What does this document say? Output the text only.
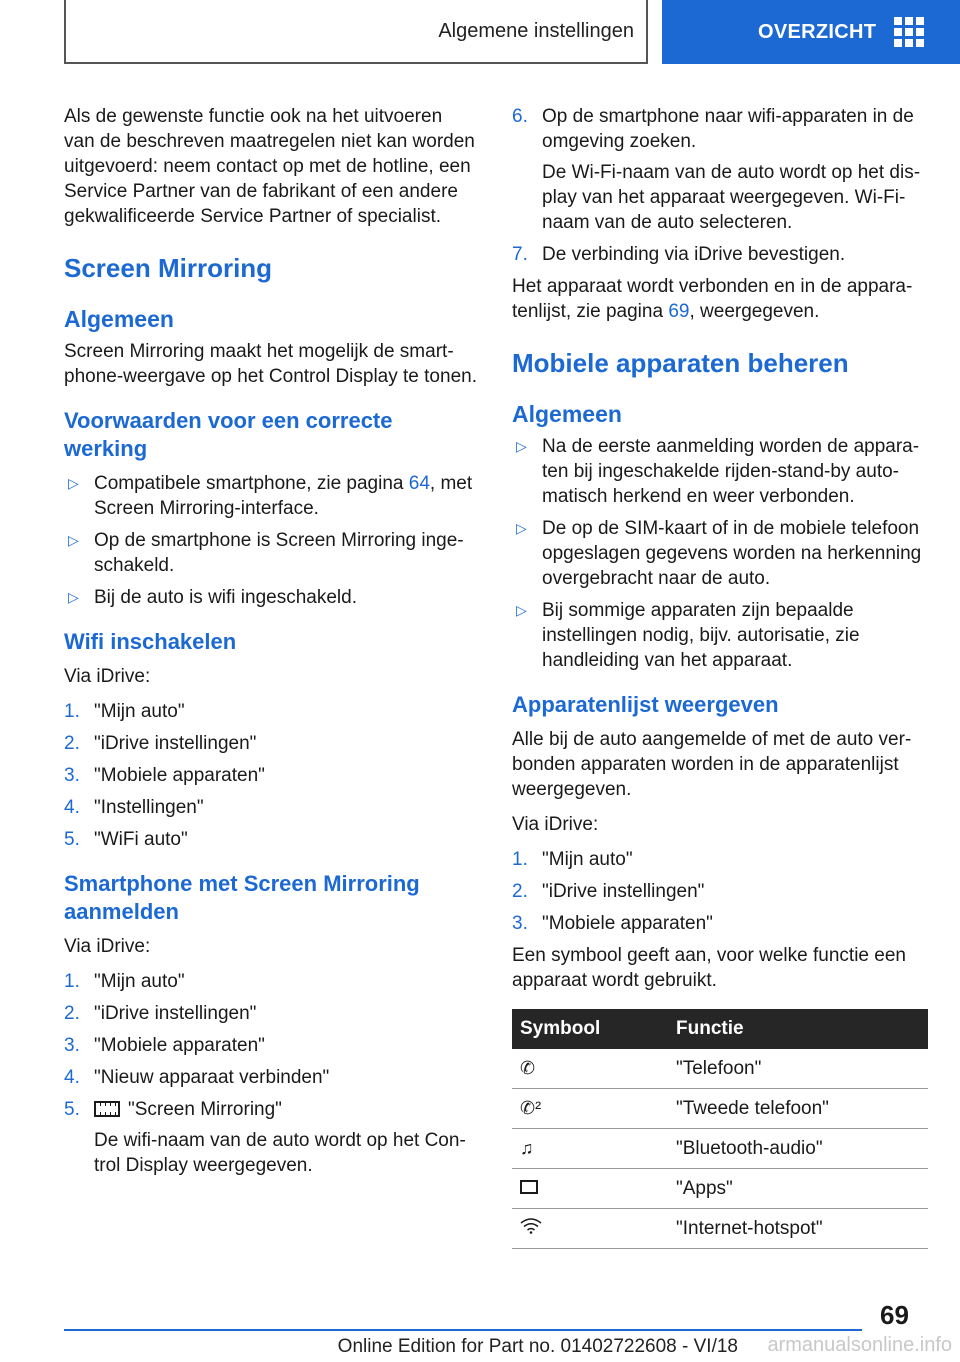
Algemene instellingen	OVERZICHT

Als de gewenste functie ook na het uitvoeren van de beschreven maatregelen niet kan worden uitgevoerd: neem contact op met de hotline, een Service Partner van de fabrikant of een andere gekwalificeerde Service Partner of specialist.

Screen Mirroring
Algemeen

Screen Mirroring maakt het mogelijk de smartphone-weergave op het Control Display te tonen.

Voorwaarden voor een correcte werking
▷ Compatibele smartphone, zie pagina 64, met Screen Mirroring-interface.
▷ Op de smartphone is Screen Mirroring ingeschakeld.
▷ Bij de auto is wifi ingeschakeld.
Wifi inschakelen

Via iDrive:

1. "Mijn auto"
2. "iDrive instellingen"
3. "Mobiele apparaten"
4. "Instellingen"
5. "WiFi auto"
Smartphone met Screen Mirroring aanmelden

Via iDrive:

1. "Mijn auto"
2. "iDrive instellingen"
3. "Mobiele apparaten"
4. "Nieuw apparaat verbinden"
5.	"Screen Mirroring"
De wifi-naam van de auto wordt op het Control Display weergegeven.
6. Op de smartphone naar wifi-apparaten in de omgeving zoeken.
De Wi-Fi-naam van de auto wordt op het display van het apparaat weergegeven. Wi-Fi-naam van de auto selecteren.
7. De verbinding via iDrive bevestigen.

Het apparaat wordt verbonden en in de apparatenlijst, zie pagina 69, weergegeven.

Mobiele apparaten beheren
Algemeen
▷ Na de eerste aanmelding worden de apparaten bij ingeschakelde rijden-stand-by automatisch herkend en weer verbonden.
▷ De op de SIM-kaart of in de mobiele telefoon opgeslagen gegevens worden na herkenning overgebracht naar de auto.
▷ Bij sommige apparaten zijn bepaalde instellingen nodig, bijv. autorisatie, zie handleiding van het apparaat.
Apparatenlijst weergeven

Alle bij de auto aangemelde of met de auto verbonden apparaten worden in de apparatenlijst weergegeven.

Via iDrive:

1. "Mijn auto"
2. "iDrive instellingen"
3. "Mobiele apparaten"

Een symbool geeft aan, voor welke functie een apparaat wordt gebruikt.

Symbool	Functie
✆	"Telefoon"
✆²	"Tweede telefoon"
♫	"Bluetooth-audio"
	"Apps"
	"Internet-hotspot"
69
Online Edition for Part no. 01402722608 - VI/18	armanualsonline.info
